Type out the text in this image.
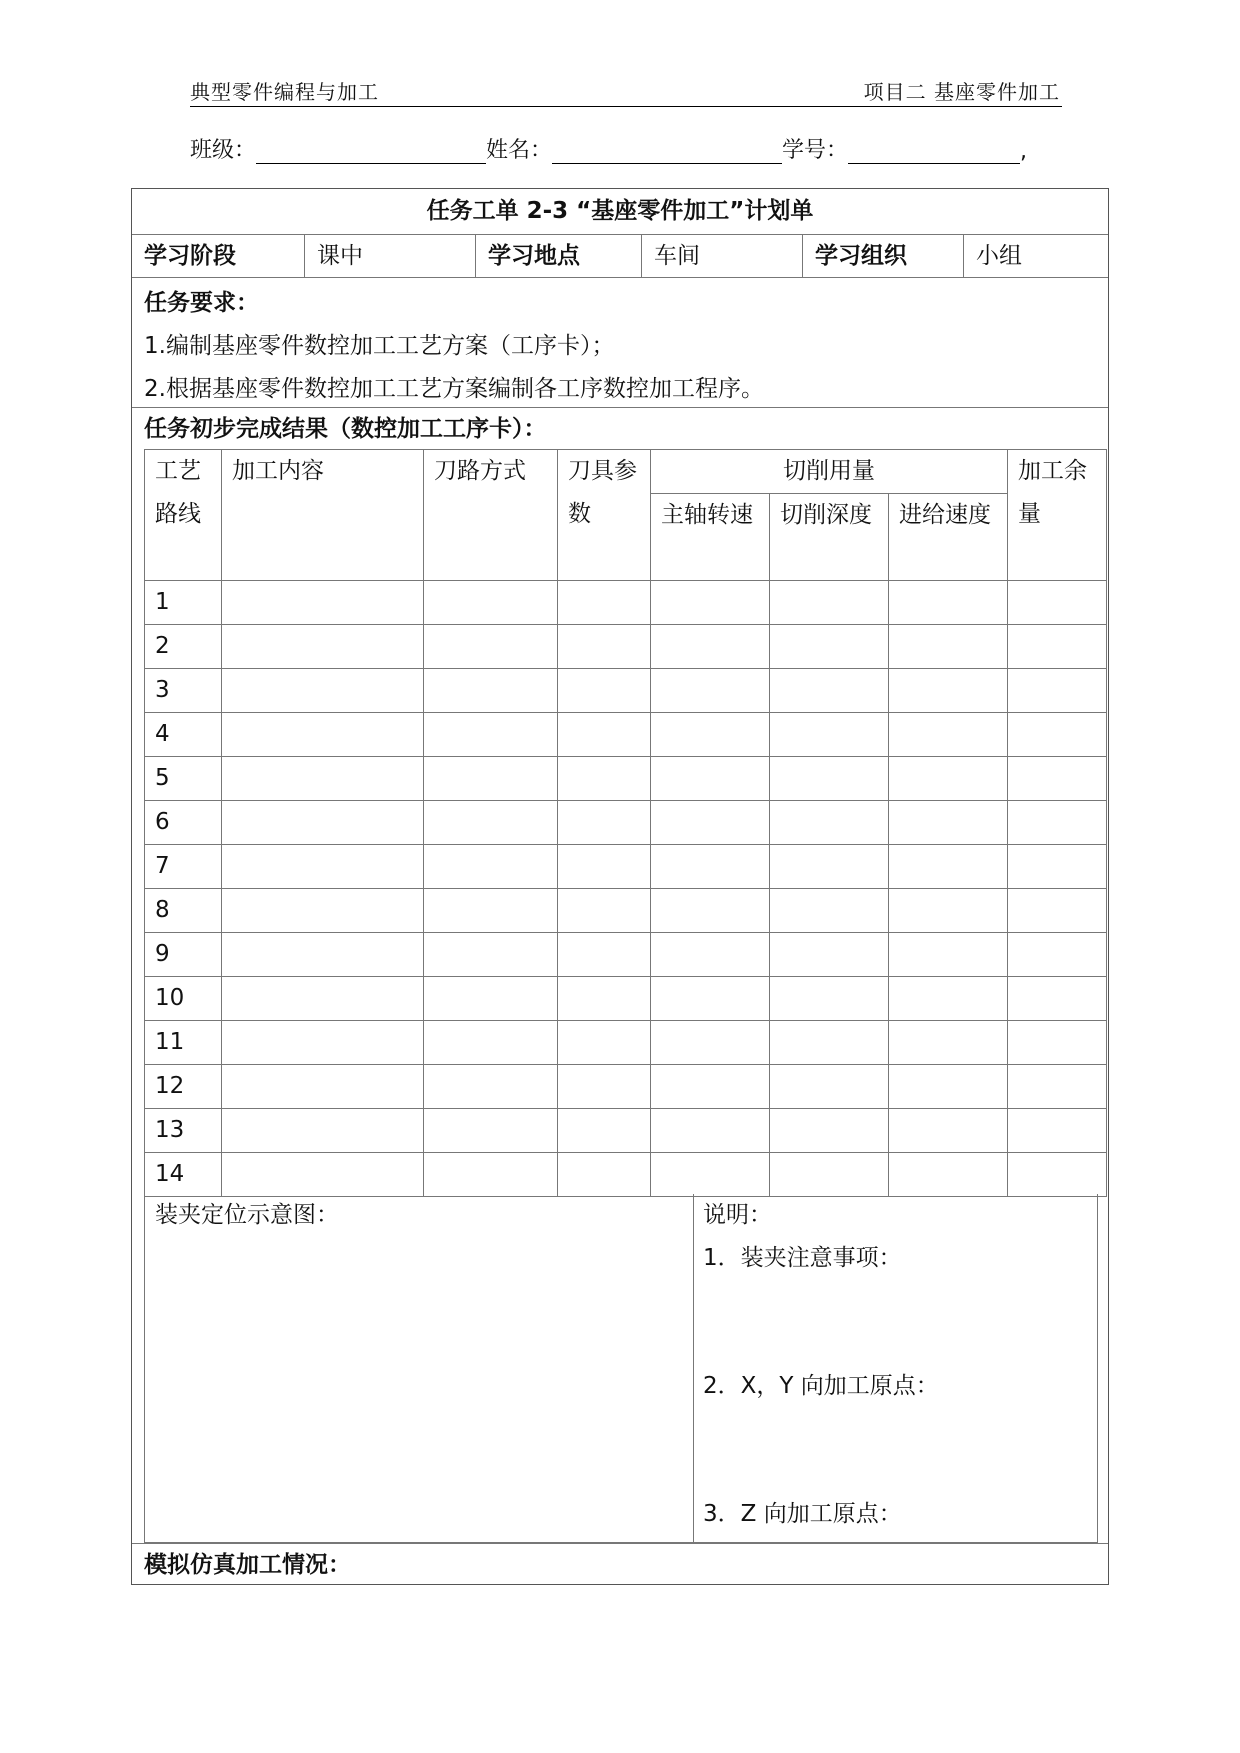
典型零件编程与加工	项目二 基座零件加工
班级：	姓名：	学号：	,
任务工单 2-3 “基座零件加工”计划单
学习阶段	课中	学习地点	车间	学习组织	小组
任务要求：
1.编制基座零件数控加工工艺方案（工序卡）；
2.根据基座零件数控加工工艺方案编制各工序数控加工程序。
任务初步完成结果（数控加工工序卡）：
工艺路线	加工内容	刀路方式	刀具参数	切削用量			加工余量
				主轴转速	切削深度	进给速度	
1							
2							
3							
4							
5							
6							
7							
8							
9							
10							
11							
12							
13							
14							
装夹定位示意图：	说明：
1．装夹注意事项：
2．X，Y 向加工原点：
3．Z 向加工原点：
模拟仿真加工情况：
